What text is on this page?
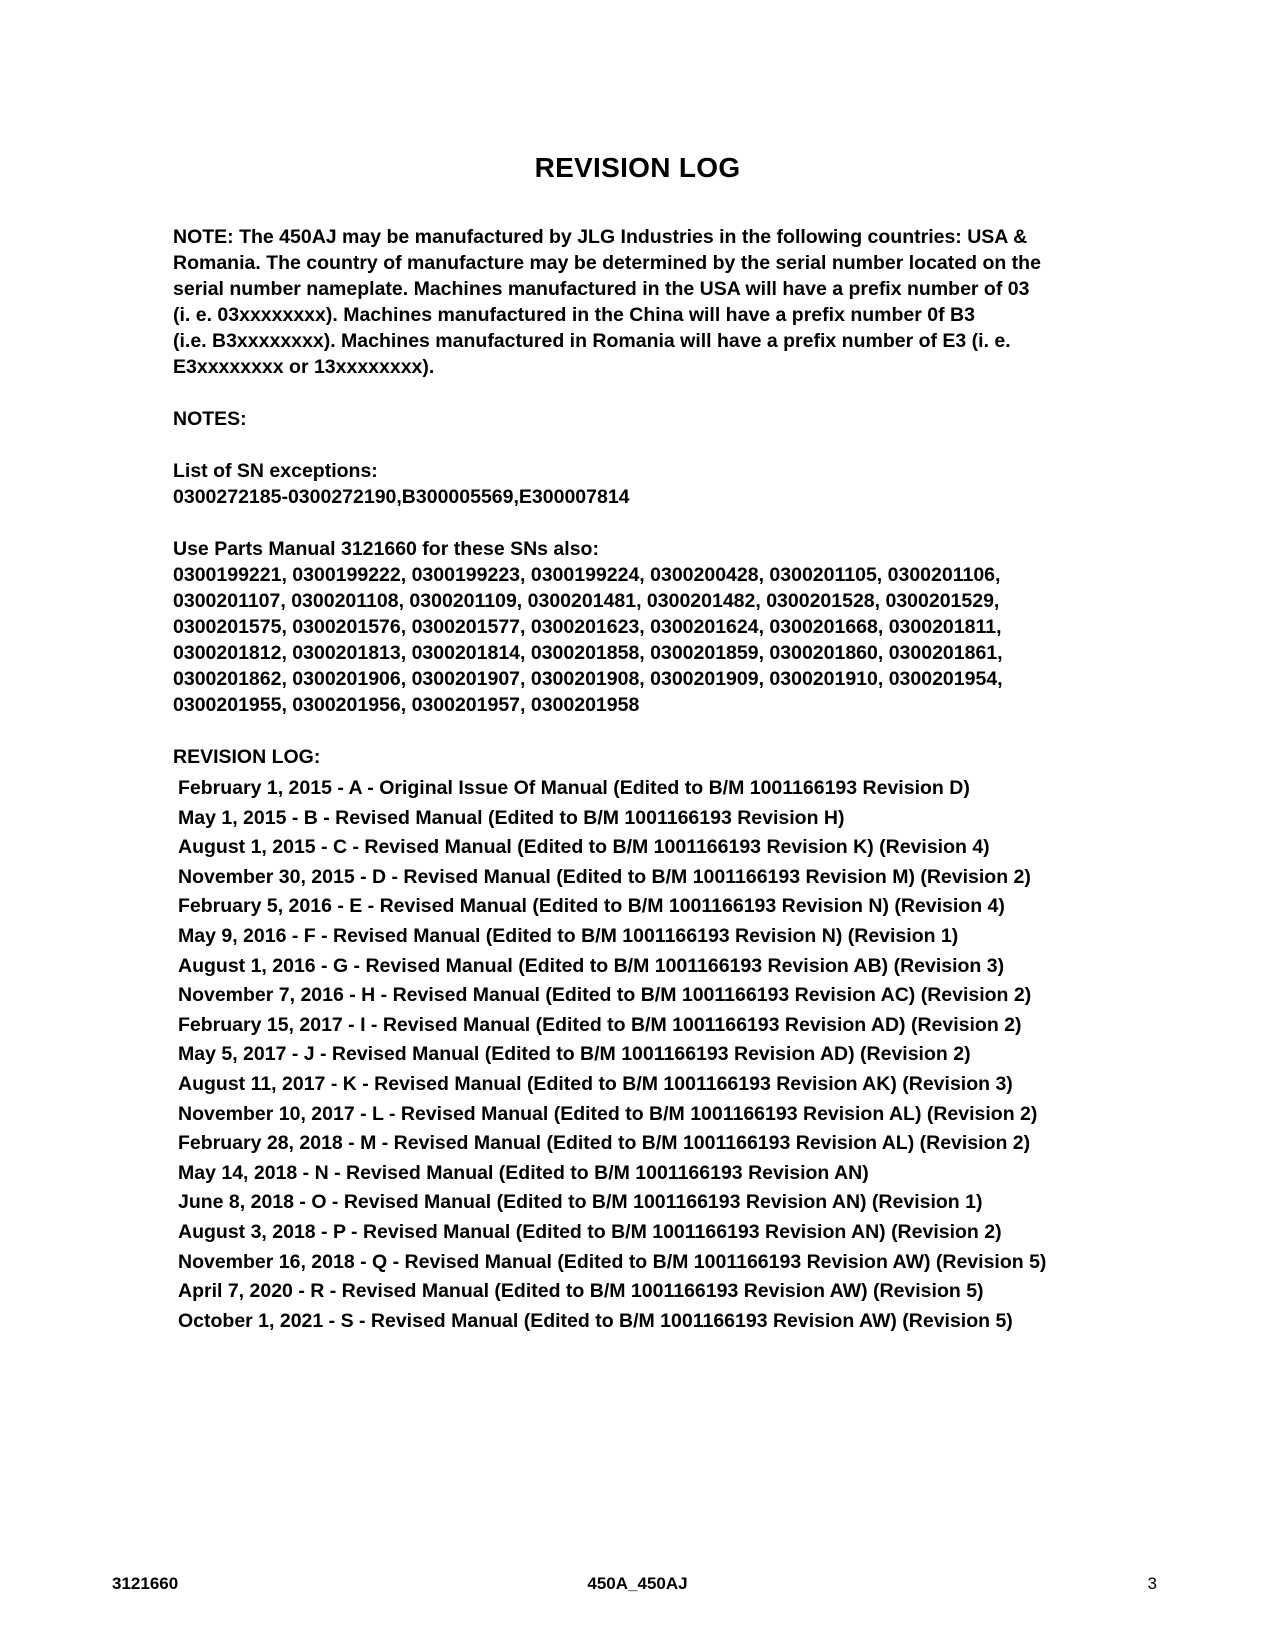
REVISION LOG
NOTE: The 450AJ may be manufactured by JLG Industries in the following countries: USA &
Romania. The country of manufacture may be determined by the serial number located on the
serial number nameplate. Machines manufactured in the USA will have a prefix number of 03
(i. e. 03xxxxxxxx). Machines manufactured in the China will have a prefix number 0f B3
(i.e. B3xxxxxxxx). Machines manufactured in Romania will have a prefix number of E3 (i. e.
E3xxxxxxxx or 13xxxxxxxx).
NOTES:
List of SN exceptions:
0300272185-0300272190,B300005569,E300007814
Use Parts Manual 3121660 for these SNs also:
0300199221, 0300199222, 0300199223, 0300199224, 0300200428, 0300201105, 0300201106,
0300201107, 0300201108, 0300201109, 0300201481, 0300201482, 0300201528, 0300201529,
0300201575, 0300201576, 0300201577, 0300201623, 0300201624, 0300201668, 0300201811,
0300201812, 0300201813, 0300201814, 0300201858, 0300201859, 0300201860, 0300201861,
0300201862, 0300201906, 0300201907, 0300201908, 0300201909, 0300201910, 0300201954,
0300201955, 0300201956, 0300201957, 0300201958
REVISION LOG:
February 1, 2015 - A - Original Issue Of Manual (Edited to B/M 1001166193 Revision D)
May 1, 2015 - B - Revised Manual (Edited to B/M 1001166193 Revision H)
August 1, 2015 - C - Revised Manual (Edited to B/M 1001166193 Revision K) (Revision 4)
November 30, 2015 - D - Revised Manual (Edited to B/M 1001166193 Revision M) (Revision 2)
February 5, 2016 - E - Revised Manual (Edited to B/M 1001166193 Revision N) (Revision 4)
May 9, 2016 - F - Revised Manual (Edited to B/M 1001166193 Revision N) (Revision 1)
August 1, 2016 - G - Revised Manual (Edited to B/M 1001166193 Revision AB) (Revision 3)
November 7, 2016 - H - Revised Manual (Edited to B/M 1001166193 Revision AC) (Revision 2)
February 15, 2017 - I - Revised Manual (Edited to B/M 1001166193 Revision AD) (Revision 2)
May 5, 2017 - J - Revised Manual (Edited to B/M 1001166193 Revision AD) (Revision 2)
August 11, 2017 - K - Revised Manual (Edited to B/M 1001166193 Revision AK) (Revision 3)
November 10, 2017 - L - Revised Manual (Edited to B/M 1001166193 Revision AL) (Revision 2)
February 28, 2018 - M - Revised Manual (Edited to B/M 1001166193 Revision AL) (Revision 2)
May 14, 2018 - N - Revised Manual (Edited to B/M 1001166193 Revision AN)
June 8, 2018 - O - Revised Manual (Edited to B/M 1001166193 Revision AN) (Revision 1)
August 3, 2018 - P - Revised Manual (Edited to B/M 1001166193 Revision AN) (Revision 2)
November 16, 2018 - Q - Revised Manual (Edited to B/M 1001166193 Revision AW) (Revision 5)
April 7, 2020 - R - Revised Manual (Edited to B/M 1001166193 Revision AW) (Revision 5)
October 1, 2021 - S - Revised Manual (Edited to B/M 1001166193 Revision AW) (Revision 5)
3121660	450A_450AJ	3
